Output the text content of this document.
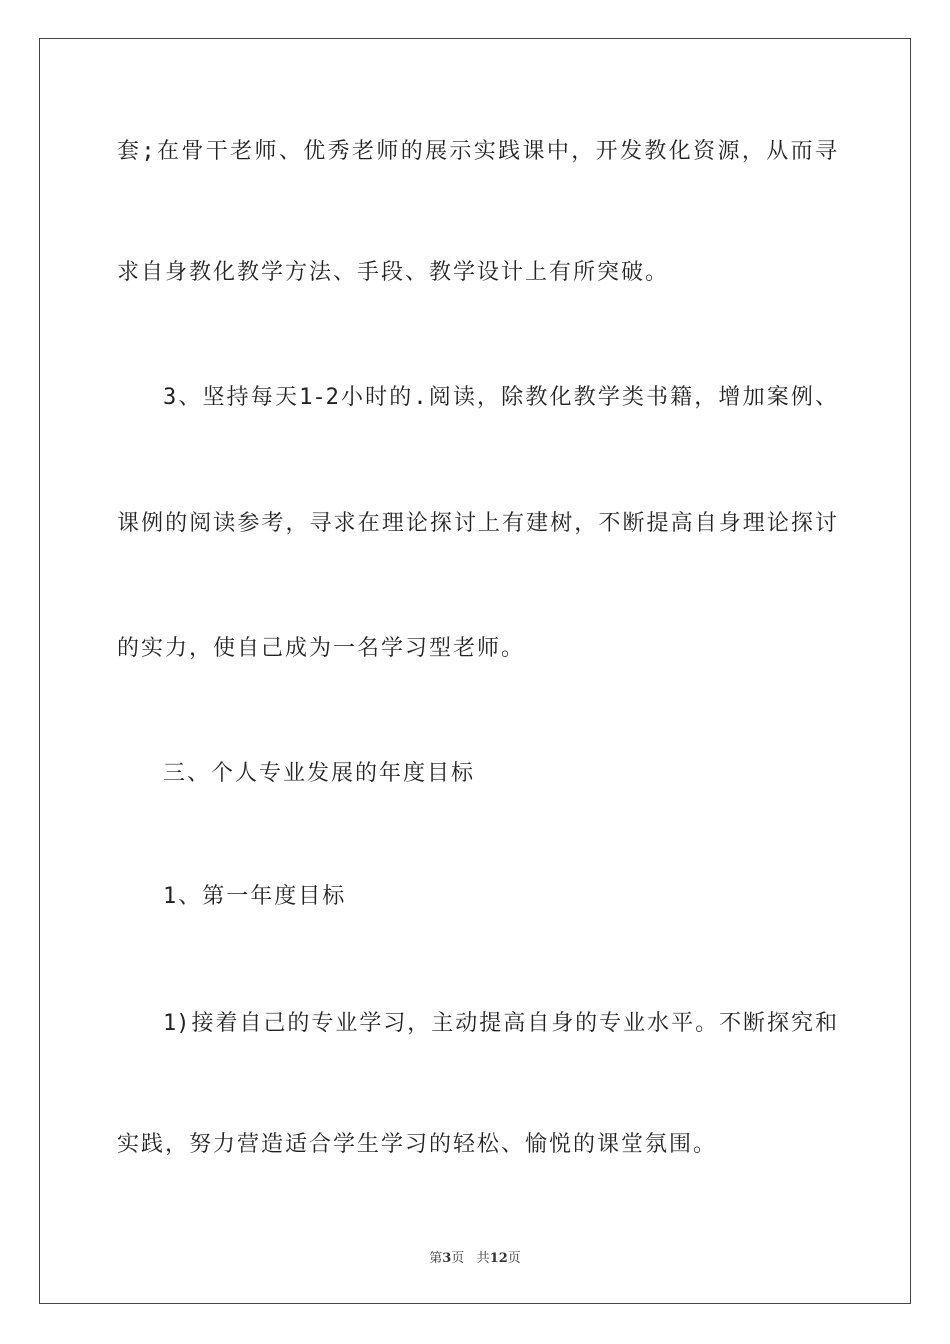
套;在骨干老师、优秀老师的展示实践课中，开发教化资源，从而寻
求自身教化教学方法、手段、教学设计上有所突破。
3、坚持每天1-2小时的.阅读，除教化教学类书籍，增加案例、
课例的阅读参考，寻求在理论探讨上有建树，不断提高自身理论探讨
的实力，使自己成为一名学习型老师。
三、个人专业发展的年度目标
1、第一年度目标
1)接着自己的专业学习，主动提高自身的专业水平。不断探究和
实践，努力营造适合学生学习的轻松、愉悦的课堂氛围。
第3页 共12页
